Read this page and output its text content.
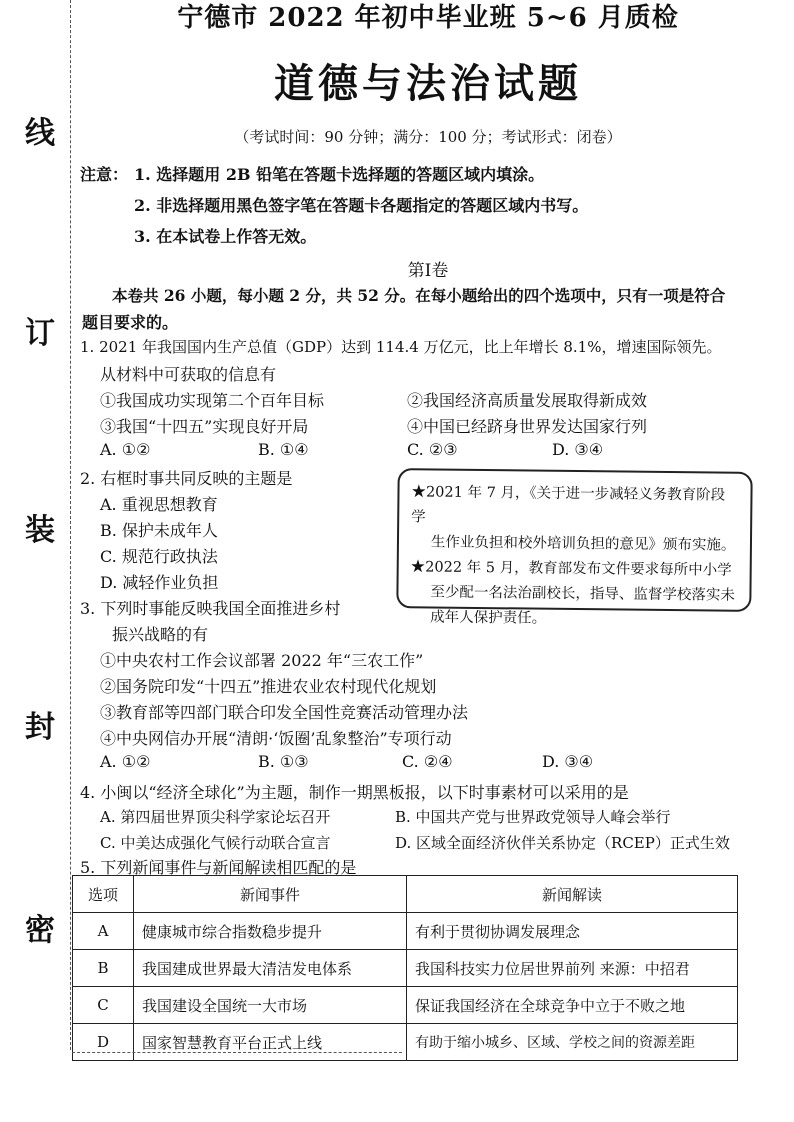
线
订
装
封
密
宁德市 2022 年初中毕业班 5~6 月质检
道德与法治试题
（考试时间：90 分钟；满分：100 分；考试形式：闭卷）
注意： 1. 选择题用 2B 铅笔在答题卡选择题的答题区域内填涂。
2. 非选择题用黑色签字笔在答题卡各题指定的答题区域内书写。
3. 在本试卷上作答无效。
第Ⅰ卷
本卷共 26 小题，每小题 2 分，共 52 分。在每小题给出的四个选项中，只有一项是符合
题目要求的。
1. 2021 年我国国内生产总值（GDP）达到 114.4 万亿元，比上年增长 8.1%，增速国际领先。
从材料中可获取的信息有
①我国成功实现第二个百年目标	②我国经济高质量发展取得新成效
③我国“十四五”实现良好开局	④中国已经跻身世界发达国家行列
A. ①②	B. ①④	C. ②③	D. ③④
2. 右框时事共同反映的主题是
A. 重视思想教育
B. 保护未成年人
C. 规范行政执法
D. 减轻作业负担

★2021 年 7 月，《关于进一步减轻义务教育阶段学

生作业负担和校外培训负担的意见》颁布实施。

★2022 年 5 月，教育部发布文件要求每所中小学

至少配一名法治副校长，指导、监督学校落实未

成年人保护责任。

3. 下列时事能反映我国全面推进乡村
振兴战略的有
①中央农村工作会议部署 2022 年“三农工作”
②国务院印发“十四五”推进农业农村现代化规划
③教育部等四部门联合印发全国性竞赛活动管理办法
④中央网信办开展“清朗·‘饭圈’乱象整治”专项行动
A. ①②	B. ①③	C. ②④	D. ③④
4. 小闽以“经济全球化”为主题，制作一期黑板报，以下时事素材可以采用的是
A. 第四届世界顶尖科学家论坛召开	B. 中国共产党与世界政党领导人峰会举行
C. 中美达成强化气候行动联合宣言	D. 区域全面经济伙伴关系协定（RCEP）正式生效
5. 下列新闻事件与新闻解读相匹配的是
选项	新闻事件	新闻解读
A	健康城市综合指数稳步提升	有利于贯彻协调发展理念
B	我国建成世界最大清洁发电体系	我国科技实力位居世界前列 来源：中招君
C	我国建设全国统一大市场	保证我国经济在全球竞争中立于不败之地
D	国家智慧教育平台正式上线	有助于缩小城乡、区域、学校之间的资源差距
